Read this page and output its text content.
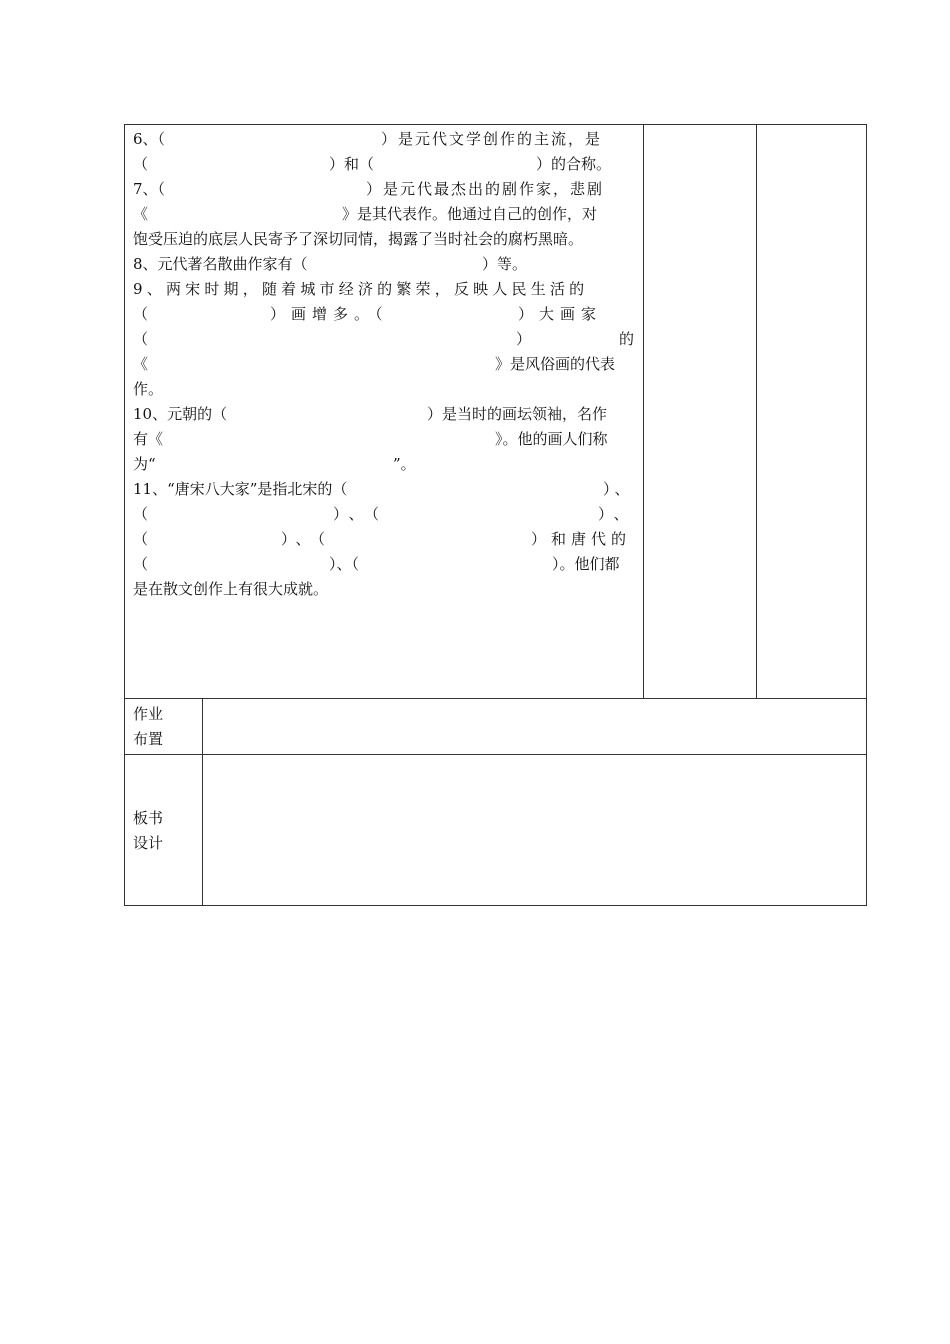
6、（	）是元代文学创作的主流，是
（	）和（	）的合称。
7、（	）是元代最杰出的剧作家，悲剧
《	》是其代表作。他通过自己的创作，对
饱受压迫的底层人民寄予了深切同情，揭露了当时社会的腐朽黑暗。
8、元代著名散曲作家有（	）等。
9、两宋时期，随着城市经济的繁荣，反映人民生活的
（	）画增多。（	）大画家
（	）	的
《	》是风俗画的代表
作。
10、元朝的（	）是当时的画坛领袖，名作
有《	》。他的画人们称
为“	”。
11、“唐宋八大家”是指北宋的（	）、
（	）、（	）、
（	）、（	）和唐代的
（	）、（	）。他们都
是在散文创作上有很大成就。
作业
布置
板书
设计
